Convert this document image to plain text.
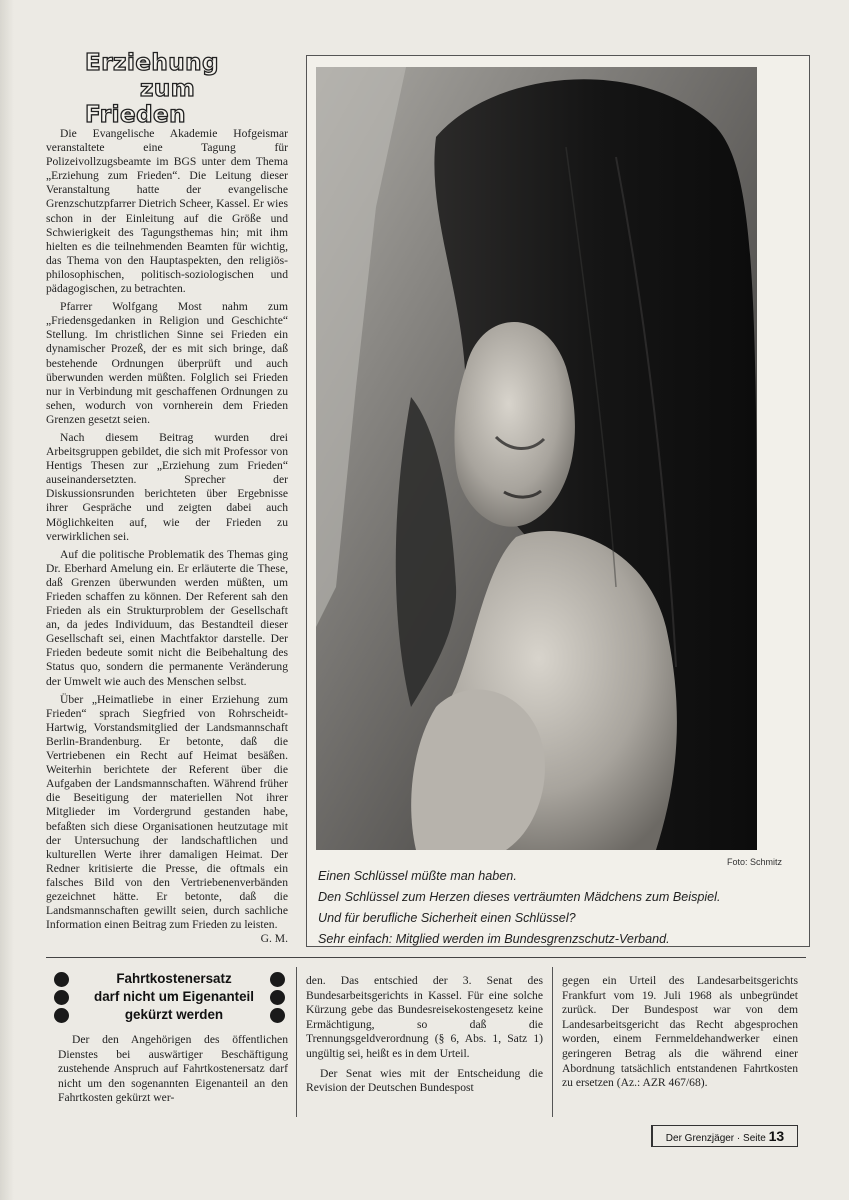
Erziehung
zum
Frieden

Die Evangelische Akademie Hofgeismar veranstaltete eine Tagung für Polizeivollzugsbeamte im BGS unter dem Thema „Erziehung zum Frieden“. Die Leitung dieser Veranstaltung hatte der evangelische Grenzschutzpfarrer Dietrich Scheer, Kassel. Er wies schon in der Einleitung auf die Größe und Schwierigkeit des Tagungsthemas hin; mit ihm hielten es die teilnehmenden Beamten für wichtig, das Thema von den Hauptaspekten, den religiös-philosophischen, politisch-soziologischen und pädagogischen, zu betrachten.

Pfarrer Wolfgang Most nahm zum „Friedensgedanken in Religion und Geschichte“ Stellung. Im christlichen Sinne sei Frieden ein dynamischer Prozeß, der es mit sich bringe, daß bestehende Ordnungen überprüft und auch überwunden werden müßten. Folglich sei Frieden nur in Verbindung mit geschaffenen Ordnungen zu sehen, wodurch von vornherein dem Frieden Grenzen gesetzt seien.

Nach diesem Beitrag wurden drei Arbeitsgruppen gebildet, die sich mit Professor von Hentigs Thesen zur „Erziehung zum Frieden“ auseinandersetzten. Sprecher der Diskussionsrunden berichteten über Ergebnisse ihrer Gespräche und zeigten dabei auch Möglichkeiten auf, wie der Frieden zu verwirklichen sei.

Auf die politische Problematik des Themas ging Dr. Eberhard Amelung ein. Er erläuterte die These, daß Grenzen überwunden werden müßten, um Frieden schaffen zu können. Der Referent sah den Frieden als ein Strukturproblem der Gesellschaft an, da jedes Individuum, das Bestandteil dieser Gesellschaft sei, einen Machtfaktor darstelle. Der Frieden bedeute somit nicht die Beibehaltung des Status quo, sondern die permanente Veränderung der Umwelt wie auch des Menschen selbst.

Über „Heimatliebe in einer Erziehung zum Frieden“ sprach Siegfried von Rohrscheidt-Hartwig, Vorstandsmitglied der Landsmannschaft Berlin-Brandenburg. Er betonte, daß die Vertriebenen ein Recht auf Heimat besäßen. Weiterhin berichtete der Referent über die Aufgaben der Landsmannschaften. Während früher die Beseitigung der materiellen Not ihrer Mitglieder im Vordergrund gestanden habe, befaßten sich diese Organisationen heutzutage mit der Untersuchung der landschaftlichen und kulturellen Werte ihrer damaligen Heimat. Der Redner kritisierte die Presse, die oftmals ein falsches Bild von den Vertriebenenverbänden gezeichnet hätte. Er betonte, daß die Landsmannschaften gewillt seien, durch sachliche Information einen Beitrag zum Frieden zu leisten.
G. M.

Foto: Schmitz
Einen Schlüssel müßte man haben.
Den Schlüssel zum Herzen dieses verträumten Mädchens zum Beispiel.
Und für berufliche Sicherheit einen Schlüssel?
Sehr einfach: Mitglied werden im Bundesgrenzschutz-Verband.
Fahrtkostenersatz
darf nicht um Eigenanteil
gekürzt werden

Der den Angehörigen des öffentlichen Dienstes bei auswärtiger Beschäftigung zustehende Anspruch auf Fahrtkostenersatz darf nicht um den sogenannten Eigenanteil an den Fahrtkosten gekürzt wer-

den. Das entschied der 3. Senat des Bundesarbeitsgerichts in Kassel. Für eine solche Kürzung gebe das Bundesreisekostengesetz keine Ermächtigung, so daß die Trennungsgeldverordnung (§ 6, Abs. 1, Satz 1) ungültig sei, heißt es in dem Urteil.

Der Senat wies mit der Entscheidung die Revision der Deutschen Bundespost

gegen ein Urteil des Landesarbeitsgerichts Frankfurt vom 19. Juli 1968 als unbegründet zurück. Der Bundespost war von dem Landesarbeitsgericht das Recht abgesprochen worden, einem Fernmeldehandwerker einen geringeren Betrag als die während einer Abordnung tatsächlich entstandenen Fahrtkosten zu ersetzen (Az.: AZR 467/68).

Der Grenzjäger · Seite 13
